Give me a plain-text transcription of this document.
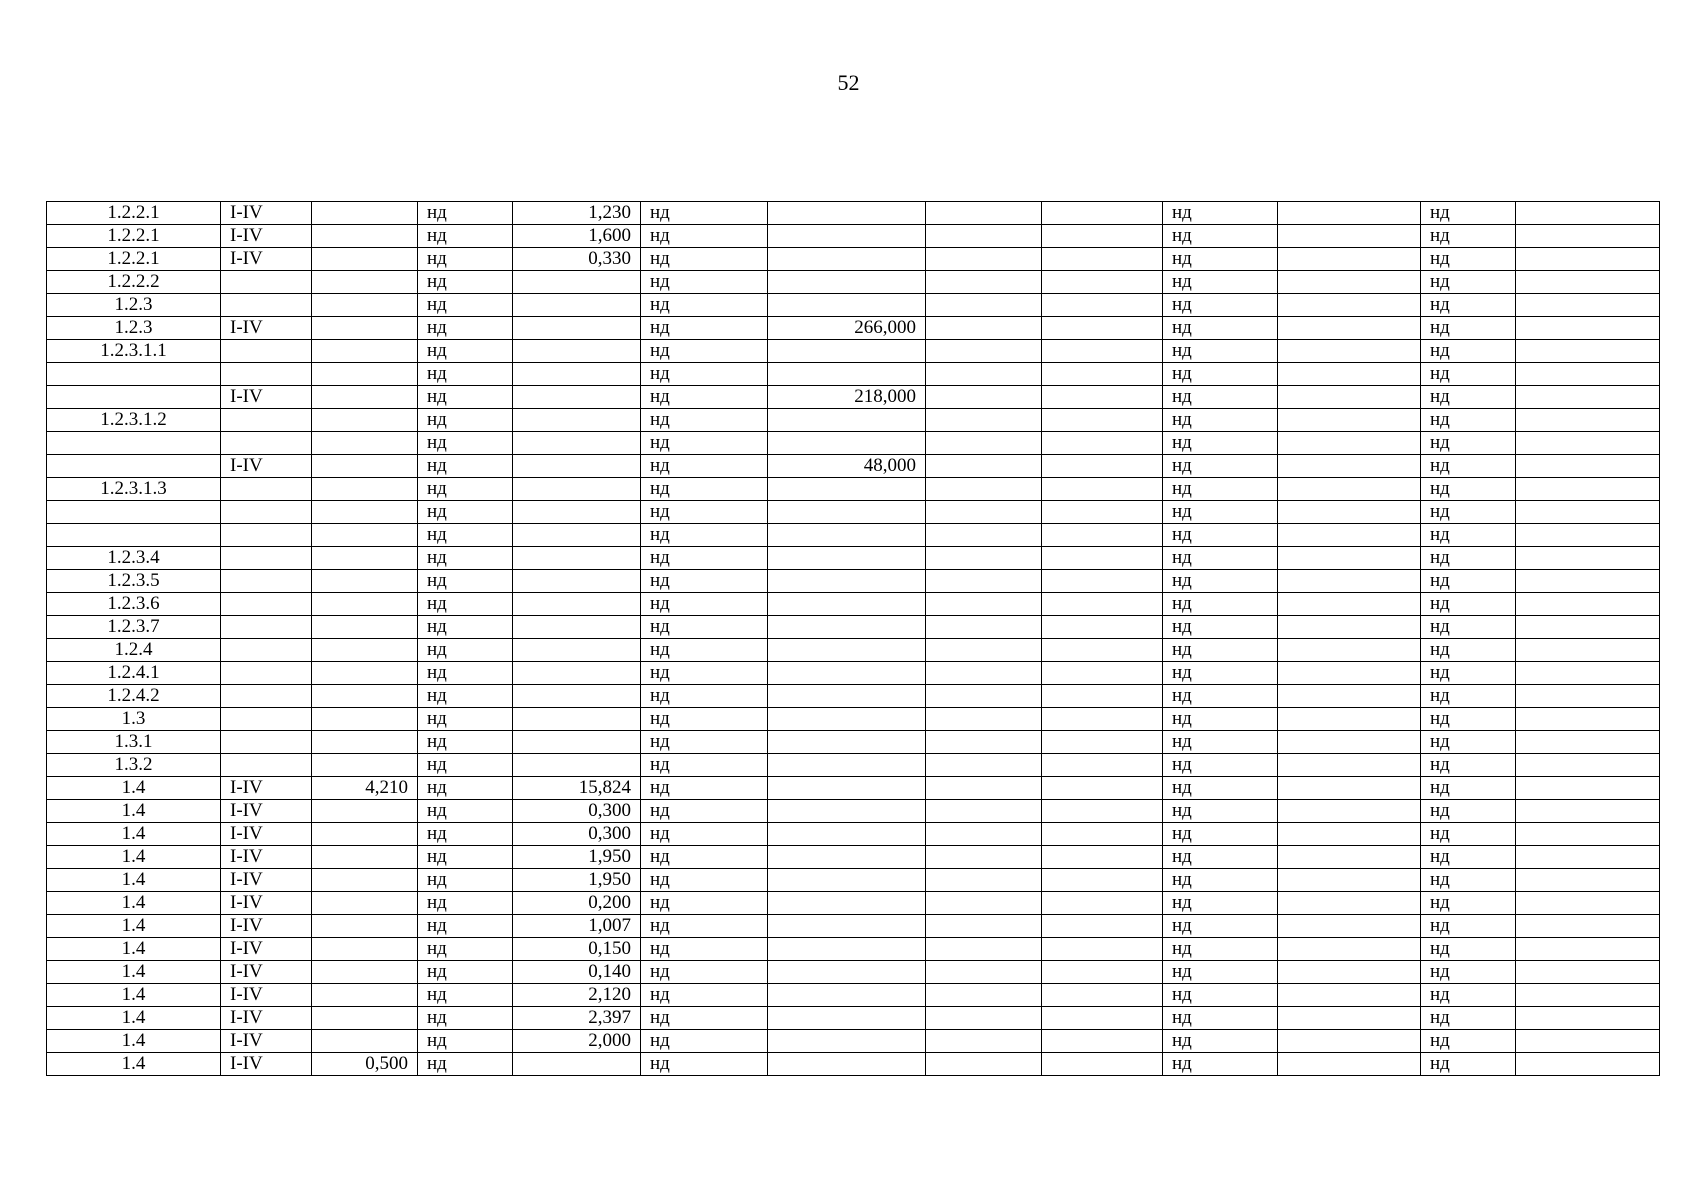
52
1.2.2.1	I-IV		нд	1,230	нд				нд		нд	
1.2.2.1	I-IV		нд	1,600	нд				нд		нд	
1.2.2.1	I-IV		нд	0,330	нд				нд		нд	
1.2.2.2			нд		нд				нд		нд	
1.2.3			нд		нд				нд		нд	
1.2.3	I-IV		нд		нд	266,000			нд		нд	
1.2.3.1.1			нд		нд				нд		нд	
			нд		нд				нд		нд	
	I-IV		нд		нд	218,000			нд		нд	
1.2.3.1.2			нд		нд				нд		нд	
			нд		нд				нд		нд	
	I-IV		нд		нд	48,000			нд		нд	
1.2.3.1.3			нд		нд				нд		нд	
			нд		нд				нд		нд	
			нд		нд				нд		нд	
1.2.3.4			нд		нд				нд		нд	
1.2.3.5			нд		нд				нд		нд	
1.2.3.6			нд		нд				нд		нд	
1.2.3.7			нд		нд				нд		нд	
1.2.4			нд		нд				нд		нд	
1.2.4.1			нд		нд				нд		нд	
1.2.4.2			нд		нд				нд		нд	
1.3			нд		нд				нд		нд	
1.3.1			нд		нд				нд		нд	
1.3.2			нд		нд				нд		нд	
1.4	I-IV	4,210	нд	15,824	нд				нд		нд	
1.4	I-IV		нд	0,300	нд				нд		нд	
1.4	I-IV		нд	0,300	нд				нд		нд	
1.4	I-IV		нд	1,950	нд				нд		нд	
1.4	I-IV		нд	1,950	нд				нд		нд	
1.4	I-IV		нд	0,200	нд				нд		нд	
1.4	I-IV		нд	1,007	нд				нд		нд	
1.4	I-IV		нд	0,150	нд				нд		нд	
1.4	I-IV		нд	0,140	нд				нд		нд	
1.4	I-IV		нд	2,120	нд				нд		нд	
1.4	I-IV		нд	2,397	нд				нд		нд	
1.4	I-IV		нд	2,000	нд				нд		нд	
1.4	I-IV	0,500	нд		нд				нд		нд	
